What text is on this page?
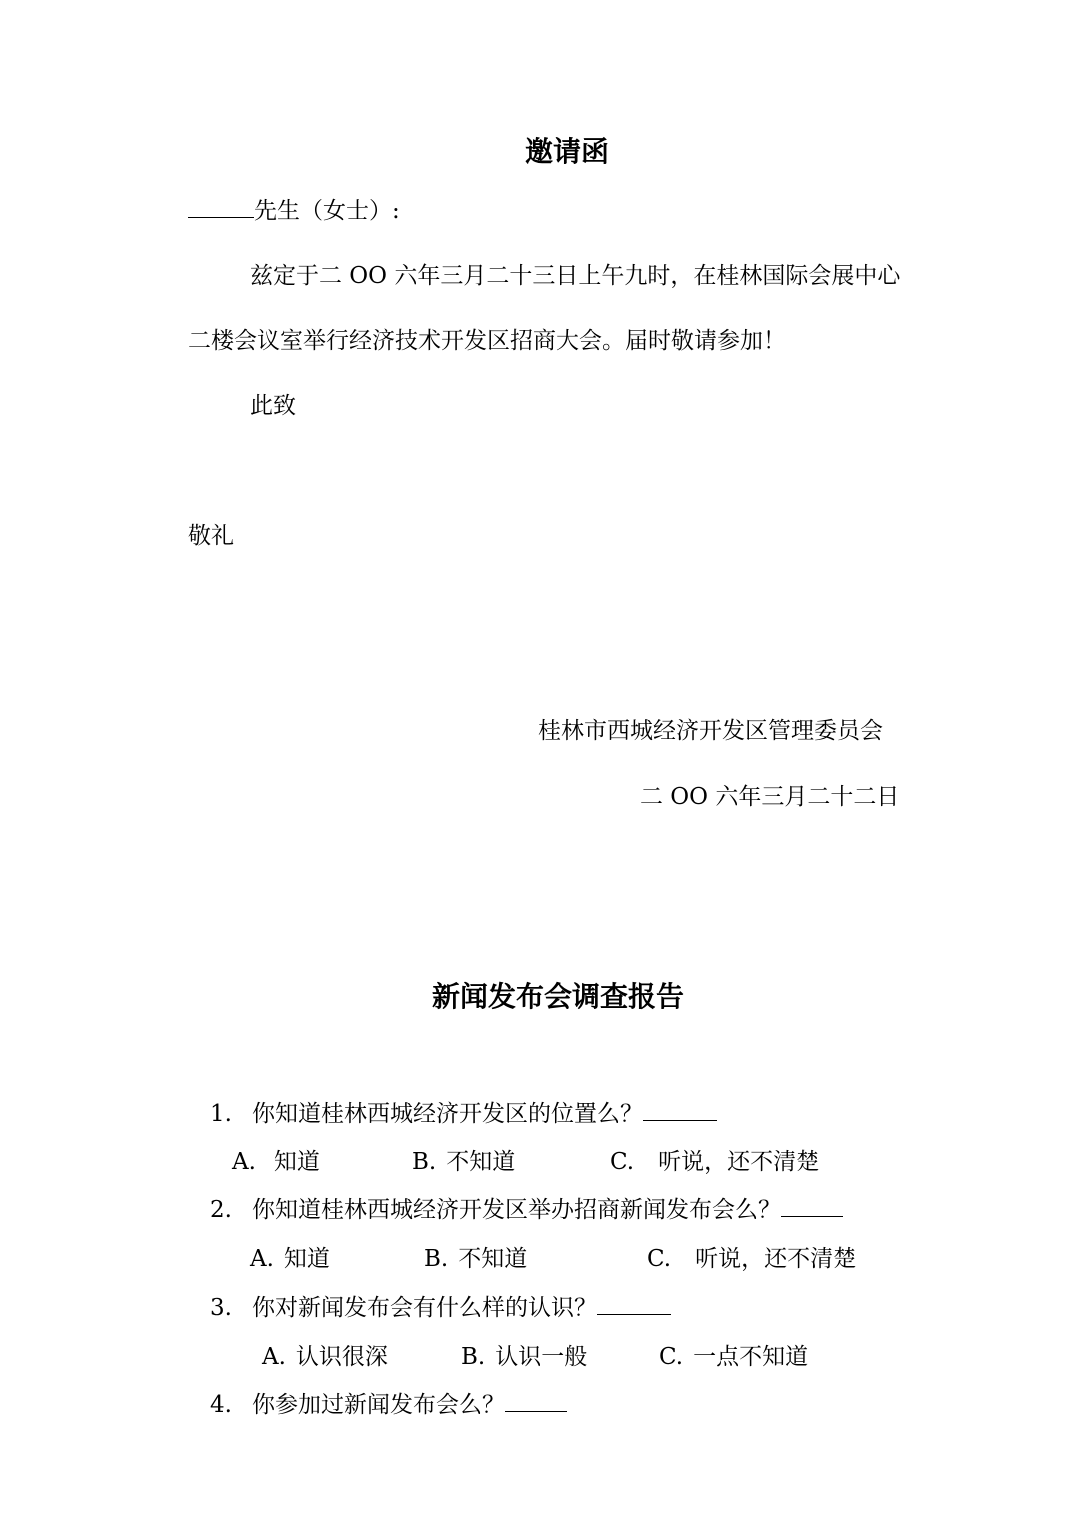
邀请函
先生（女士）:
兹定于二 OO 六年三月二十三日上午九时，在桂林国际会展中心
二楼会议室举行经济技术开发区招商大会。届时敬请参加！
此致
敬礼
桂林市西城经济开发区管理委员会
二 OO 六年三月二十二日
新闻发布会调查报告
1. 你知道桂林西城经济开发区的位置么？
A. 知道	B. 不知道	C. 听说，还不清楚
2. 你知道桂林西城经济开发区举办招商新闻发布会么？
A. 知道	B. 不知道	C. 听说，还不清楚
3. 你对新闻发布会有什么样的认识？
A. 认识很深	B. 认识一般	C. 一点不知道
4. 你参加过新闻发布会么？
